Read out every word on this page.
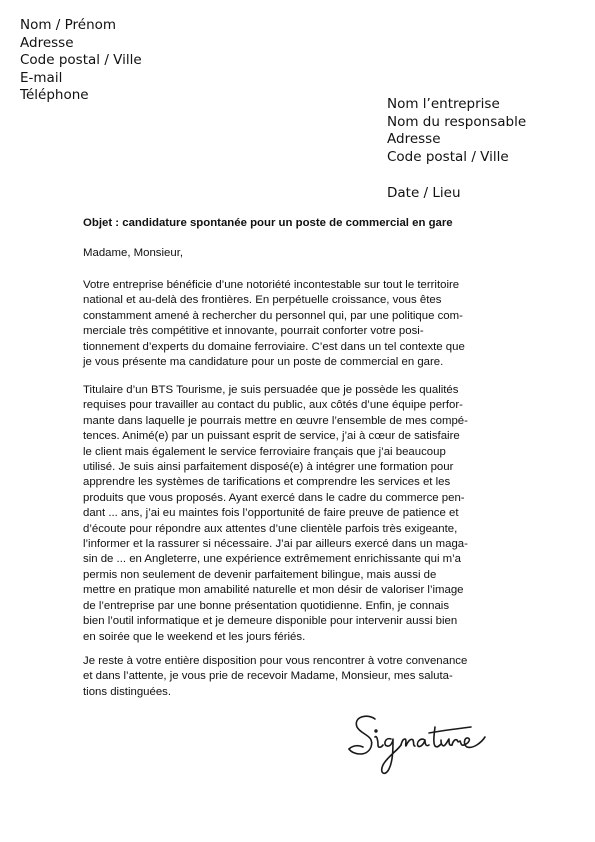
Nom / Prénom
Adresse
Code postal / Ville
E-mail
Téléphone
Nom l’entreprise
Nom du responsable
Adresse
Code postal / Ville
Date / Lieu
Objet : candidature spontanée pour un poste de commercial en gare
Madame, Monsieur,
Votre entreprise bénéficie d’une notoriété incontestable sur tout le territoire
national et au-delà des frontières. En perpétuelle croissance, vous êtes
constamment amené à rechercher du personnel qui, par une politique com-
merciale très compétitive et innovante, pourrait conforter votre posi-
tionnement d’experts du domaine ferroviaire. C’est dans un tel contexte que
je vous présente ma candidature pour un poste de commercial en gare.
Titulaire d’un BTS Tourisme, je suis persuadée que je possède les qualités
requises pour travailler au contact du public, aux côtés d’une équipe perfor-
mante dans laquelle je pourrais mettre en œuvre l’ensemble de mes compé-
tences. Animé(e) par un puissant esprit de service, j’ai à cœur de satisfaire
le client mais également le service ferroviaire français que j’ai beaucoup
utilisé. Je suis ainsi parfaitement disposé(e) à intégrer une formation pour
apprendre les systèmes de tarifications et comprendre les services et les
produits que vous proposés. Ayant exercé dans le cadre du commerce pen-
dant ... ans, j’ai eu maintes fois l’opportunité de faire preuve de patience et
d’écoute pour répondre aux attentes d’une clientèle parfois très exigeante,
l’informer et la rassurer si nécessaire. J’ai par ailleurs exercé dans un maga-
sin de ... en Angleterre, une expérience extrêmement enrichissante qui m’a
permis non seulement de devenir parfaitement bilingue, mais aussi de
mettre en pratique mon amabilité naturelle et mon désir de valoriser l’image
de l’entreprise par une bonne présentation quotidienne. Enfin, je connais
bien l’outil informatique et je demeure disponible pour intervenir aussi bien
en soirée que le weekend et les jours fériés.
Je reste à votre entière disposition pour vous rencontrer à votre convenance
et dans l’attente, je vous prie de recevoir Madame, Monsieur, mes saluta-
tions distinguées.
